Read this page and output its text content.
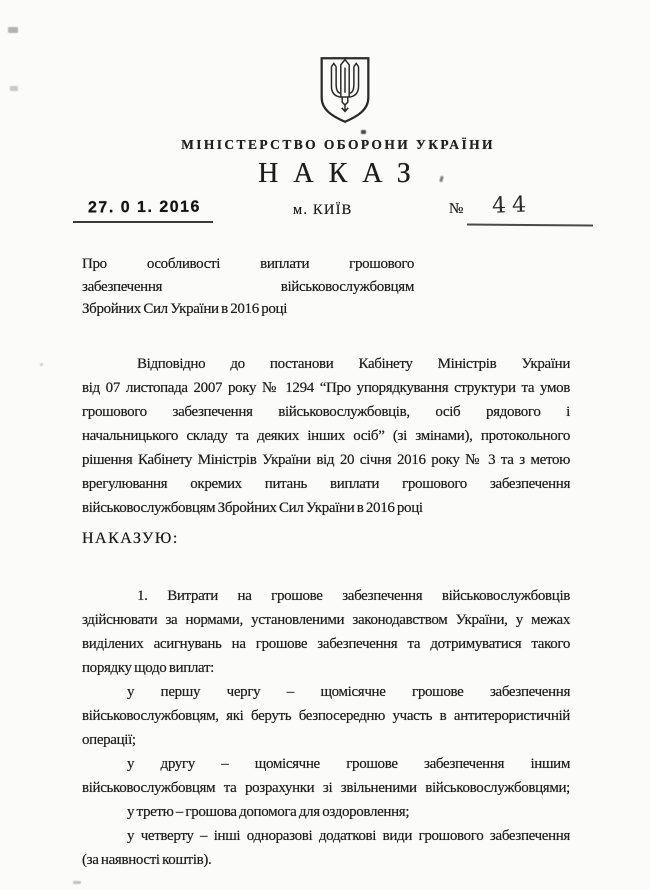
МІНІСТЕРСТВО ОБОРОНИ УКРАЇНИ
НАКАЗ
27. 0 1. 2016	м. КИЇВ	№ 44
Про особливості виплати грошового
забезпечення військовослужбовцям
Збройних Сил України в 2016 році
Відповідно до постанови Кабінету Міністрів України
від 07 листопада 2007 року № 1294 “Про упорядкування структури та умов
грошового забезпечення військовослужбовців, осіб рядового і
начальницького складу та деяких інших осіб” (зі змінами), протокольного
рішення Кабінету Міністрів України від 20 січня 2016 року № 3 та з метою
врегулювання окремих питань виплати грошового забезпечення
військовослужбовцям Збройних Сил України в 2016 році
НАКАЗУЮ:
1. Витрати на грошове забезпечення військовослужбовців
здійснювати за нормами, установленими законодавством України, у межах
виділених асигнувань на грошове забезпечення та дотримуватися такого
порядку щодо виплат:
у першу чергу – щомісячне грошове забезпечення
військовослужбовцям, які беруть безпосередню участь в антитерористичній
операції;
у другу – щомісячне грошове забезпечення іншим
військовослужбовцям та розрахунки зі звільненими військовослужбовцями;
у третю – грошова допомога для оздоровлення;
у четверту – інші одноразові додаткові види грошового забезпечення
(за наявності коштів).
